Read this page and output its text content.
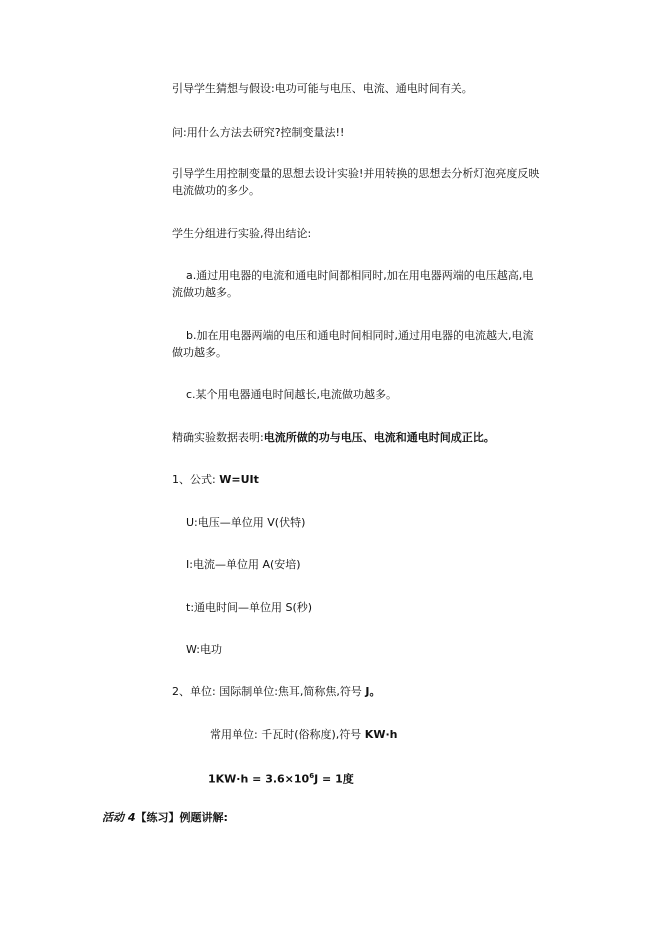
引导学生猜想与假设:电功可能与电压、电流、通电时间有关。
问:用什么方法去研究?控制变量法!!
引导学生用控制变量的思想去设计实验!并用转换的思想去分析灯泡亮度反映
电流做功的多少。
学生分组进行实验,得出结论:
a.通过用电器的电流和通电时间都相同时,加在用电器两端的电压越高,电
流做功越多。
b.加在用电器两端的电压和通电时间相同时,通过用电器的电流越大,电流
做功越多。
c.某个用电器通电时间越长,电流做功越多。
精确实验数据表明:电流所做的功与电压、电流和通电时间成正比。
1、公式: W=UIt
U:电压—单位用 V(伏特)
I:电流—单位用 A(安培)
t:通电时间—单位用 S(秒)
W:电功
2、单位: 国际制单位:焦耳,简称焦,符号 J。
常用单位: 千瓦时(俗称度),符号 KW·h
$1KW\cdot h = 3.6\times 10^6J = 1$度
活动 4【练习】例题讲解:
